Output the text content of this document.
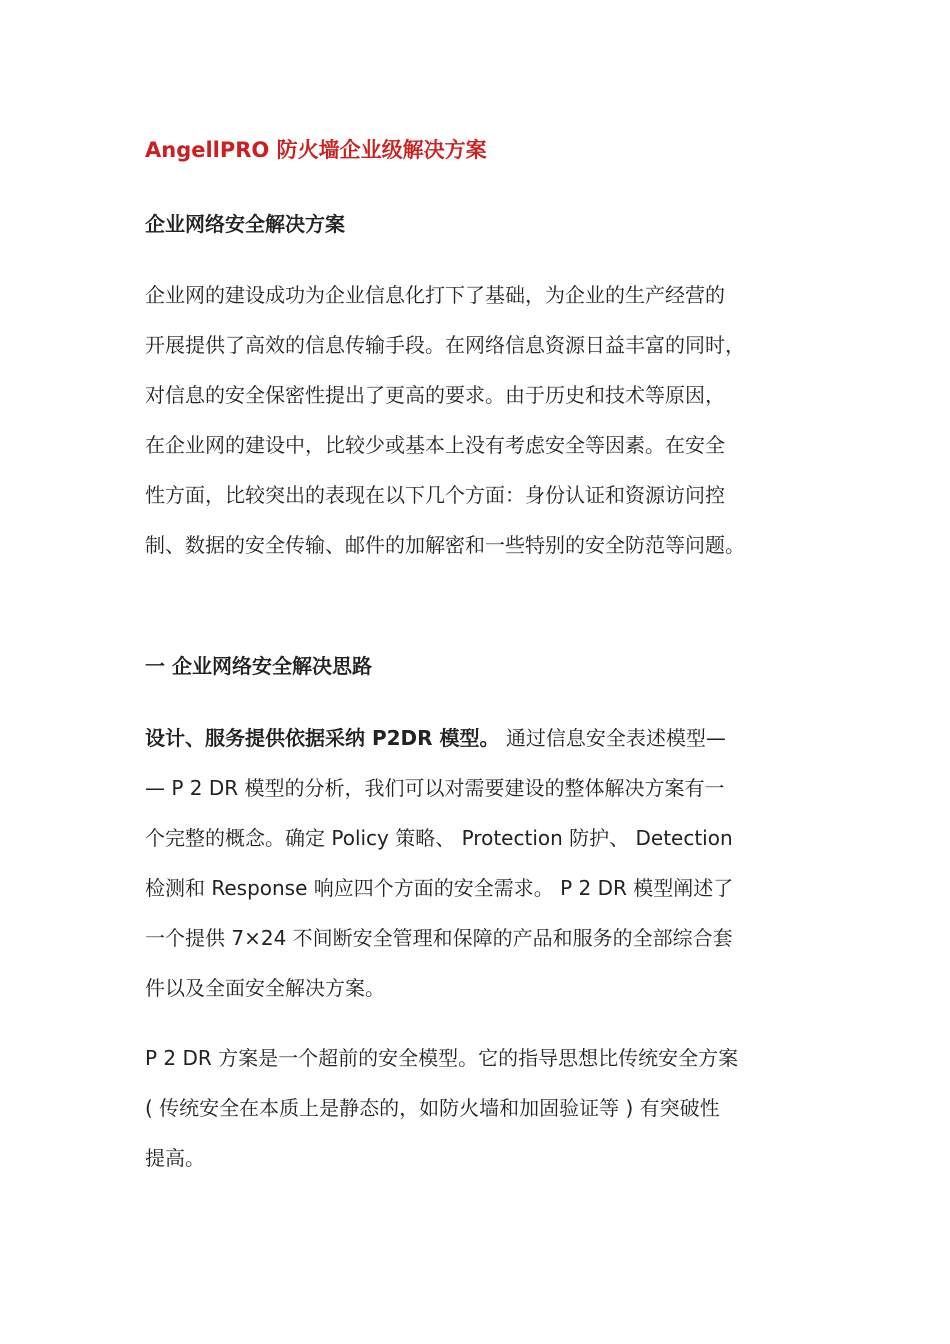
AngellPRO 防火墙企业级解决方案
企业网络安全解决方案
企业网的建设成功为企业信息化打下了基础，为企业的生产经营的
开展提供了高效的信息传输手段。在网络信息资源日益丰富的同时，
对信息的安全保密性提出了更高的要求。由于历史和技术等原因，
在企业网的建设中，比较少或基本上没有考虑安全等因素。在安全
性方面，比较突出的表现在以下几个方面：身份认证和资源访问控
制、数据的安全传输、邮件的加解密和一些特别的安全防范等问题。
一 企业网络安全解决思路
设计、服务提供依据采纳 P2DR 模型。 通过信息安全表述模型—
— P 2 DR 模型的分析，我们可以对需要建设的整体解决方案有一
个完整的概念。确定 Policy 策略、 Protection 防护、 Detection
检测和 Response 响应四个方面的安全需求。 P 2 DR 模型阐述了
一个提供 7×24 不间断安全管理和保障的产品和服务的全部综合套
件以及全面安全解决方案。
P 2 DR 方案是一个超前的安全模型。它的指导思想比传统安全方案
( 传统安全在本质上是静态的，如防火墙和加固验证等 ) 有突破性
提高。
